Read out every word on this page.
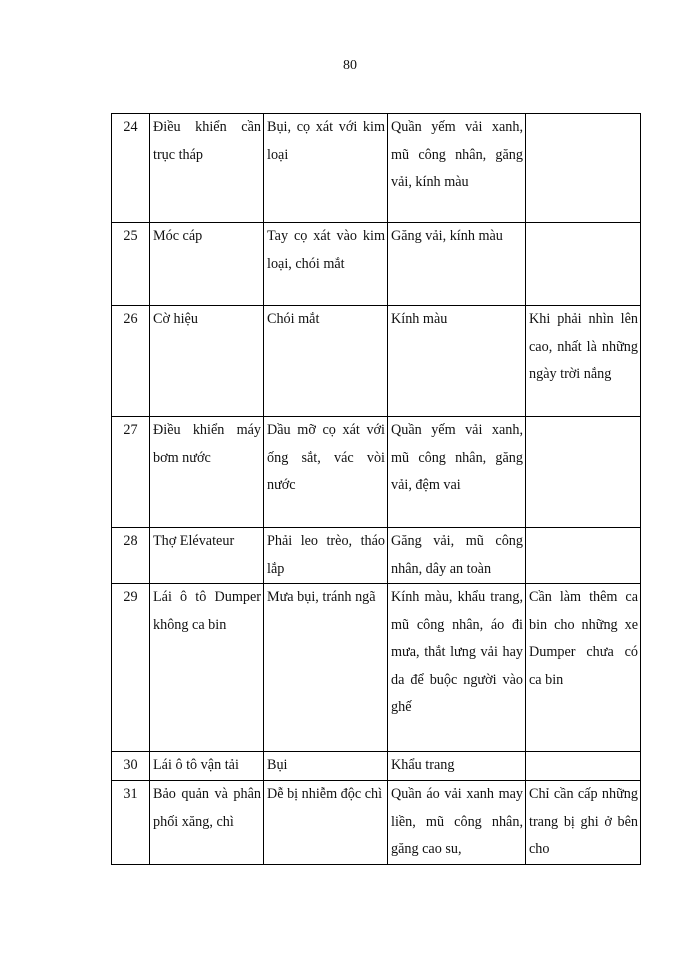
80
24	Điều khiển cần trục tháp	Bụi, cọ xát với kim loại	Quần yếm vải xanh, mũ công nhân, găng vải, kính màu	
25	Móc cáp	Tay cọ xát vào kim loại, chói mắt	Găng vải, kính màu	
26	Cờ hiệu	Chói mắt	Kính màu	Khi phải nhìn lên cao, nhất là những ngày trời nắng
27	Điều khiển máy bơm nước	Dầu mỡ cọ xát với ống sắt, vác vòi nước	Quần yếm vải xanh, mũ công nhân, găng vải, đệm vai	
28	Thợ Elévateur	Phải leo trèo, tháo lắp	Găng vải, mũ công nhân, dây an toàn	
29	Lái ô tô Dumper không ca bin	Mưa bụi, tránh ngã	Kính màu, khẩu trang, mũ công nhân, áo đi mưa, thắt lưng vải hay da để buộc người vào ghế	Cần làm thêm ca bin cho những xe Dumper chưa có ca bin
30	Lái ô tô vận tải	Bụi	Khẩu trang	
31	Bảo quản và phân phối xăng, chì	Dễ bị nhiễm độc chì	Quần áo vải xanh may liền, mũ công nhân, găng cao su,	Chỉ cần cấp những trang bị ghi ở bên cho
